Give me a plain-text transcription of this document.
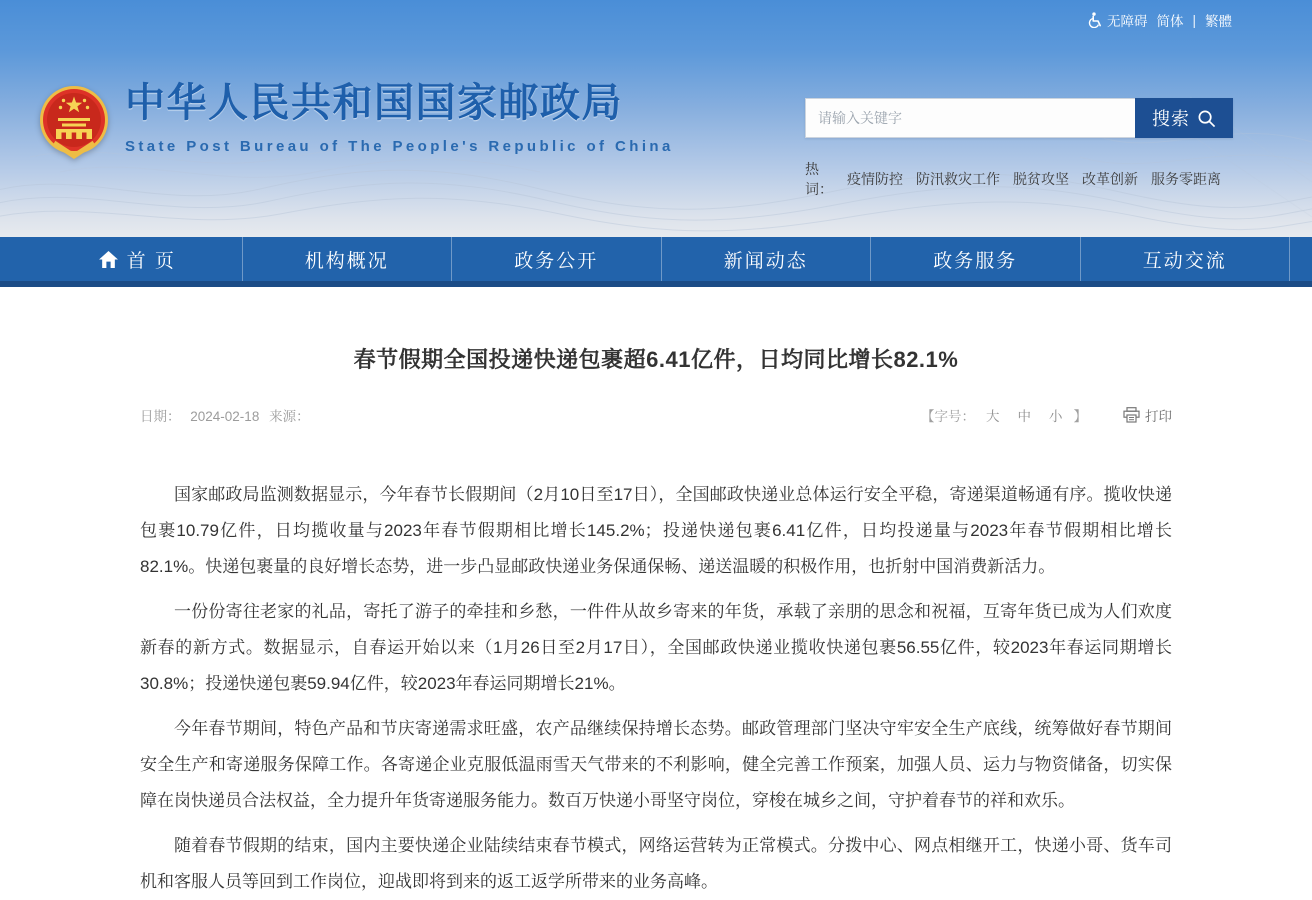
无障碍 简体 | 繁體
中华人民共和国国家邮政局
State Post Bureau of The People's Republic of China
请输入关键字
搜索
热词：
疫情防控 防汛救灾工作 脱贫攻坚 改革创新 服务零距离
首 页	机构概况	政务公开	新闻动态	政务服务	互动交流
春节假期全国投递快递包裹超6.41亿件，日均同比增长82.1%
日期： 2024-02-18 来源：	【字号： 大 中 小 】	打印

国家邮政局监测数据显示，今年春节长假期间（2月10日至17日），全国邮政快递业总体运行安全平稳，寄递渠道畅通有序。揽收快递包裹10.79亿件，日均揽收量与2023年春节假期相比增长145.2%；投递快递包裹6.41亿件，日均投递量与2023年春节假期相比增长82.1%。快递包裹量的良好增长态势，进一步凸显邮政快递业务保通保畅、递送温暖的积极作用，也折射中国消费新活力。

一份份寄往老家的礼品，寄托了游子的牵挂和乡愁，一件件从故乡寄来的年货，承载了亲朋的思念和祝福，互寄年货已成为人们欢度新春的新方式。数据显示，自春运开始以来（1月26日至2月17日），全国邮政快递业揽收快递包裹56.55亿件，较2023年春运同期增长30.8%；投递快递包裹59.94亿件，较2023年春运同期增长21%。

今年春节期间，特色产品和节庆寄递需求旺盛，农产品继续保持增长态势。邮政管理部门坚决守牢安全生产底线，统筹做好春节期间安全生产和寄递服务保障工作。各寄递企业克服低温雨雪天气带来的不利影响，健全完善工作预案，加强人员、运力与物资储备，切实保障在岗快递员合法权益，全力提升年货寄递服务能力。数百万快递小哥坚守岗位，穿梭在城乡之间，守护着春节的祥和欢乐。

随着春节假期的结束，国内主要快递企业陆续结束春节模式，网络运营转为正常模式。分拨中心、网点相继开工，快递小哥、货车司机和客服人员等回到工作岗位，迎战即将到来的返工返学所带来的业务高峰。
